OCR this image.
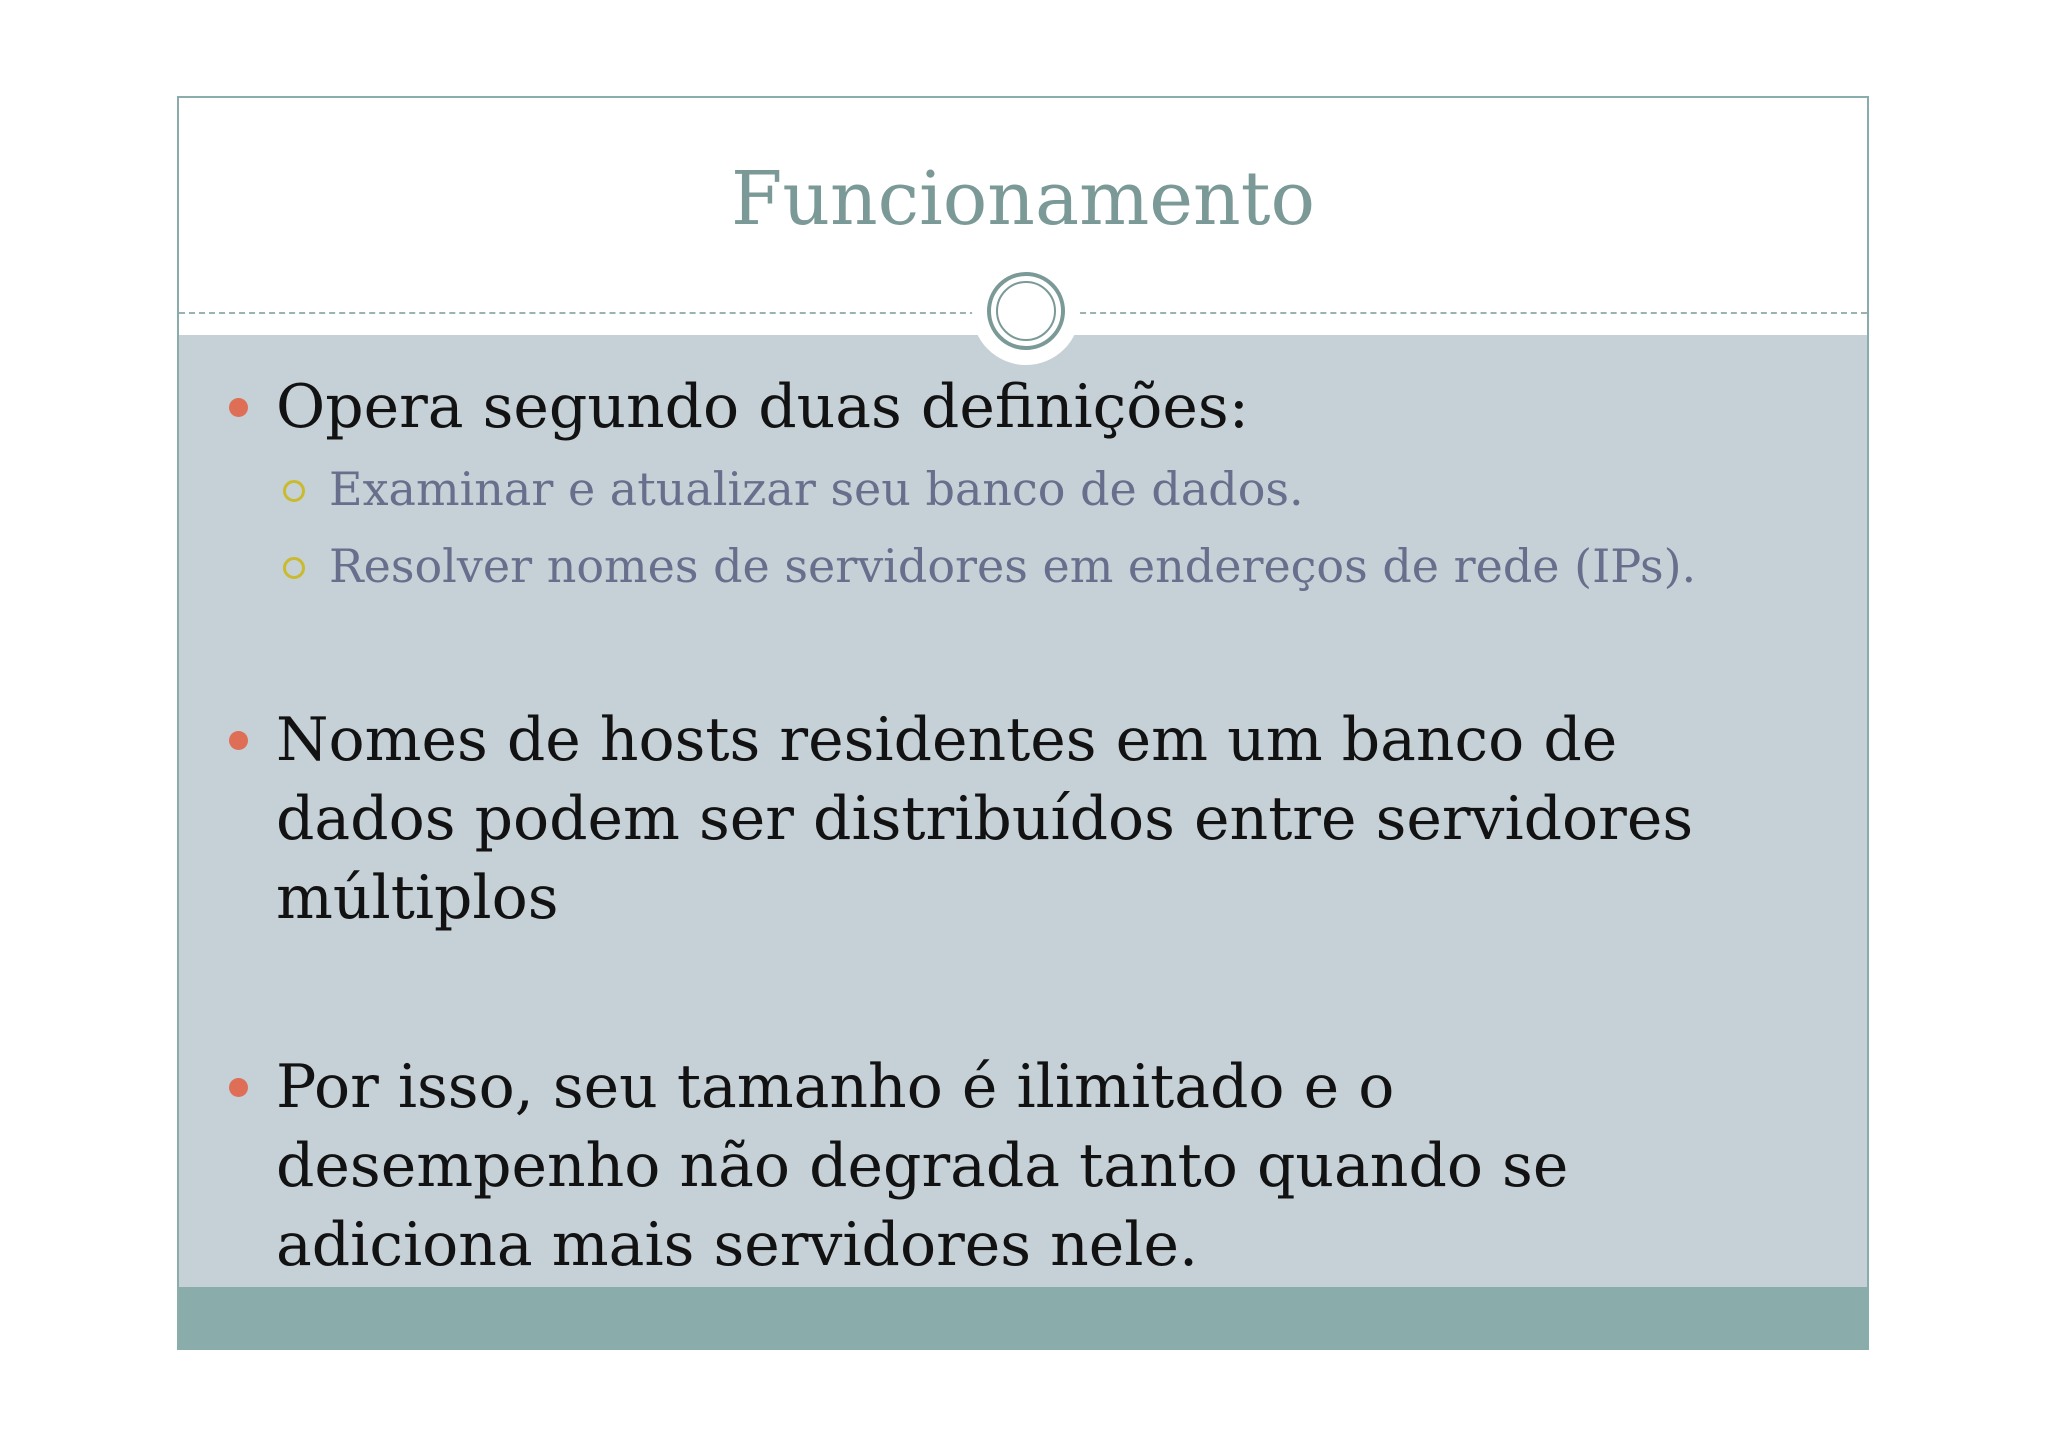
Funcionamento
Opera segundo duas definições:
Examinar e atualizar seu banco de dados.
Resolver nomes de servidores em endereços de rede (IPs).
Nomes de hosts residentes em um banco de dados podem ser distribuídos entre servidores múltiplos
Por isso, seu tamanho é ilimitado e o desempenho não degrada tanto quando se adiciona mais servidores nele.
